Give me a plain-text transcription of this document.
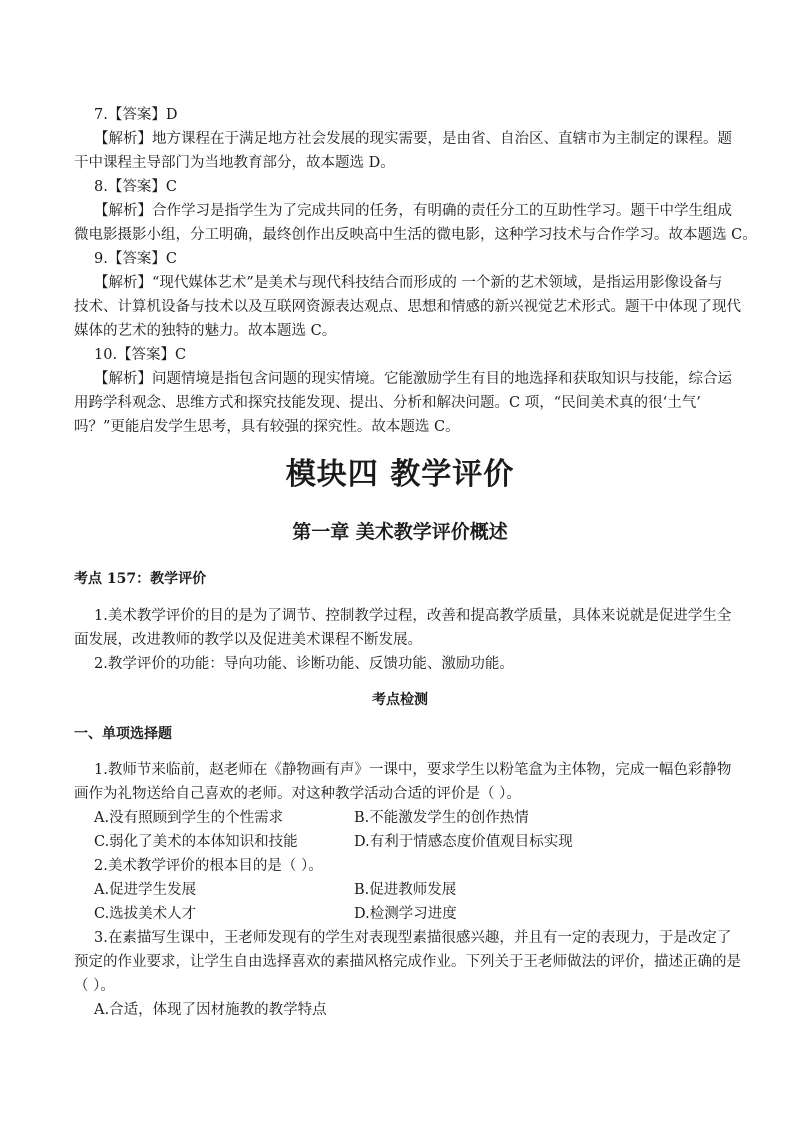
7.【答案】D
【解析】地方课程在于满足地方社会发展的现实需要，是由省、自治区、直辖市为主制定的课程。题
干中课程主导部门为当地教育部分，故本题选 D。
8.【答案】C
【解析】合作学习是指学生为了完成共同的任务，有明确的责任分工的互助性学习。题干中学生组成
微电影摄影小组，分工明确，最终创作出反映高中生活的微电影，这种学习技术与合作学习。故本题选 C。
9.【答案】C
【解析】“现代媒体艺术”是美术与现代科技结合而形成的 一个新的艺术领域，是指运用影像设备与
技术、计算机设备与技术以及互联网资源表达观点、思想和情感的新兴视觉艺术形式。题干中体现了现代
媒体的艺术的独特的魅力。故本题选 C。
10.【答案】C
【解析】问题情境是指包含问题的现实情境。它能激励学生有目的地选择和获取知识与技能，综合运
用跨学科观念、思维方式和探究技能发现、提出、分析和解决问题。C 项，“民间美术真的很‘土气’
吗？”更能启发学生思考，具有较强的探究性。故本题选 C。
模块四 教学评价
第一章 美术教学评价概述
考点 157：教学评价
1.美术教学评价的目的是为了调节、控制教学过程，改善和提高教学质量，具体来说就是促进学生全
面发展，改进教师的教学以及促进美术课程不断发展。
2.教学评价的功能：导向功能、诊断功能、反馈功能、激励功能。
考点检测
一、单项选择题
1.教师节来临前，赵老师在《静物画有声》一课中，要求学生以粉笔盒为主体物，完成一幅色彩静物
画作为礼物送给自己喜欢的老师。对这种教学活动合适的评价是（ ）。
A.没有照顾到学生的个性需求	B.不能激发学生的创作热情
C.弱化了美术的本体知识和技能	D.有利于情感态度价值观目标实现
2.美术教学评价的根本目的是（ ）。
A.促进学生发展	B.促进教师发展
C.选拔美术人才	D.检测学习进度
3.在素描写生课中，王老师发现有的学生对表现型素描很感兴趣，并且有一定的表现力，于是改定了
预定的作业要求，让学生自由选择喜欢的素描风格完成作业。下列关于王老师做法的评价，描述正确的是
（ ）。
A.合适，体现了因材施教的教学特点
